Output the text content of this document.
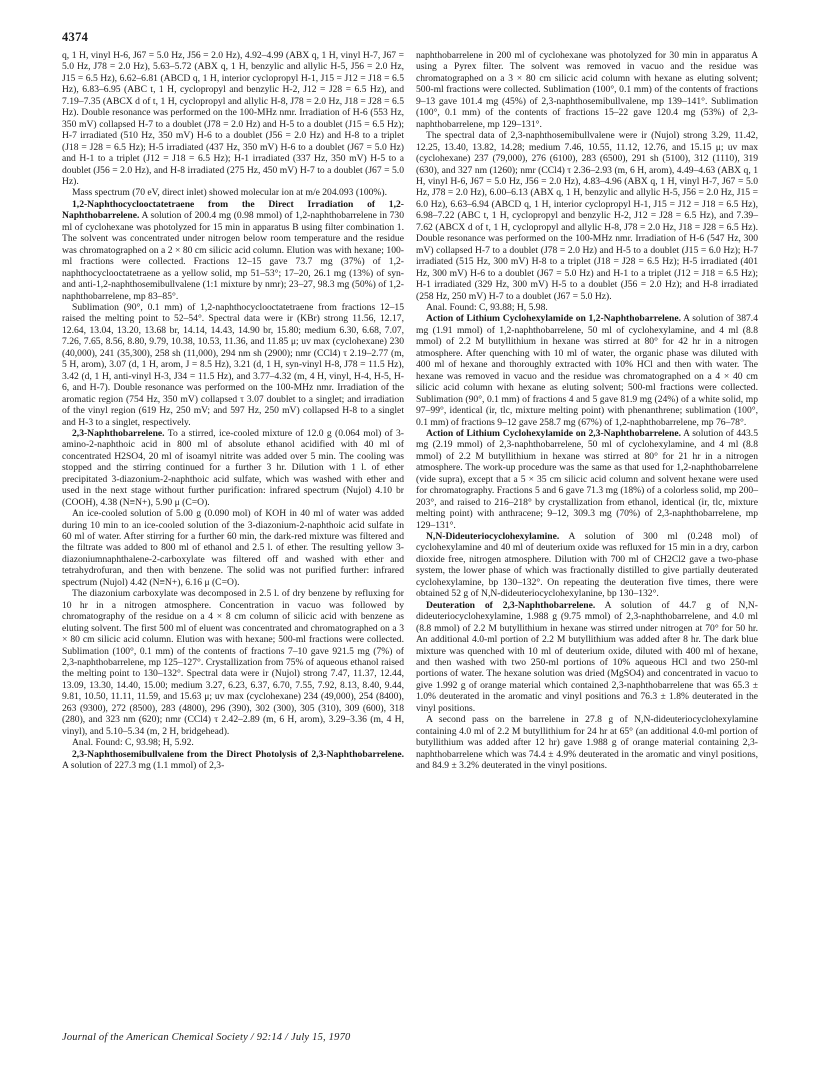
4374

q, 1 H, vinyl H-6, J67 = 5.0 Hz, J56 = 2.0 Hz), 4.92–4.99 (ABX q, 1 H, vinyl H-7, J67 = 5.0 Hz, J78 = 2.0 Hz), 5.63–5.72 (ABX q, 1 H, benzylic and allylic H-5, J56 = 2.0 Hz, J15 = 6.5 Hz), 6.62–6.81 (ABCD q, 1 H, interior cyclopropyl H-1, J15 = J12 = J18 = 6.5 Hz), 6.83–6.95 (ABC t, 1 H, cyclopropyl and benzylic H-2, J12 = J28 = 6.5 Hz), and 7.19–7.35 (ABCX d of t, 1 H, cyclopropyl and allylic H-8, J78 = 2.0 Hz, J18 = J28 = 6.5 Hz). Double resonance was performed on the 100-MHz nmr. Irradiation of H-6 (553 Hz, 350 mV) collapsed H-7 to a doublet (J78 = 2.0 Hz) and H-5 to a doublet (J15 = 6.5 Hz); H-7 irradiated (510 Hz, 350 mV) H-6 to a doublet (J56 = 2.0 Hz) and H-8 to a triplet (J18 = J28 = 6.5 Hz); H-5 irradiated (437 Hz, 350 mV) H-6 to a doublet (J67 = 5.0 Hz) and H-1 to a triplet (J12 = J18 = 6.5 Hz); H-1 irradiated (337 Hz, 350 mV) H-5 to a doublet (J56 = 2.0 Hz), and H-8 irradiated (275 Hz, 450 mV) H-7 to a doublet (J67 = 5.0 Hz).

Mass spectrum (70 eV, direct inlet) showed molecular ion at m/e 204.093 (100%).

1,2-Naphthocyclooctatetraene from the Direct Irradiation of 1,2-Naphthobarrelene. A solution of 200.4 mg (0.98 mmol) of 1,2-naphthobarrelene in 730 ml of cyclohexane was photolyzed for 15 min in apparatus B using filter combination 1. The solvent was concentrated under nitrogen below room temperature and the residue was chromatographed on a 2 × 80 cm silicic acid column. Elution was with hexane; 100-ml fractions were collected. Fractions 12–15 gave 73.7 mg (37%) of 1,2-naphthocyclooctatetraene as a yellow solid, mp 51–53°; 17–20, 26.1 mg (13%) of syn- and anti-1,2-naphthosemibullvalene (1:1 mixture by nmr); 23–27, 98.3 mg (50%) of 1,2-naphthobarrelene, mp 83–85°.

Sublimation (90°, 0.1 mm) of 1,2-naphthocyclooctatetraene from fractions 12–15 raised the melting point to 52–54°. Spectral data were ir (KBr) strong 11.56, 12.17, 12.64, 13.04, 13.20, 13.68 br, 14.14, 14.43, 14.90 br, 15.80; medium 6.30, 6.68, 7.07, 7.26, 7.65, 8.56, 8.80, 9.79, 10.38, 10.53, 11.36, and 11.85 μ; uv max (cyclohexane) 230 (40,000), 241 (35,300), 258 sh (11,000), 294 nm sh (2900); nmr (CCl4) τ 2.19–2.77 (m, 5 H, arom), 3.07 (d, 1 H, arom, J = 8.5 Hz), 3.21 (d, 1 H, syn-vinyl H-8, J78 = 11.5 Hz), 3.42 (d, 1 H, anti-vinyl H-3, J34 = 11.5 Hz), and 3.77–4.32 (m, 4 H, vinyl, H-4, H-5, H-6, and H-7). Double resonance was performed on the 100-MHz nmr. Irradiation of the aromatic region (754 Hz, 350 mV) collapsed τ 3.07 doublet to a singlet; and irradiation of the vinyl region (619 Hz, 250 mV; and 597 Hz, 250 mV) collapsed H-8 to a singlet and H-3 to a singlet, respectively.

2,3-Naphthobarrelene. To a stirred, ice-cooled mixture of 12.0 g (0.064 mol) of 3-amino-2-naphthoic acid in 800 ml of absolute ethanol acidified with 40 ml of concentrated H2SO4, 20 ml of isoamyl nitrite was added over 5 min. The cooling was stopped and the stirring continued for a further 3 hr. Dilution with 1 l. of ether precipitated 3-diazonium-2-naphthoic acid sulfate, which was washed with ether and used in the next stage without further purification: infrared spectrum (Nujol) 4.10 br (COOH), 4.38 (N≡N+), 5.90 μ (C=O).

An ice-cooled solution of 5.00 g (0.090 mol) of KOH in 40 ml of water was added during 10 min to an ice-cooled solution of the 3-diazonium-2-naphthoic acid sulfate in 60 ml of water. After stirring for a further 60 min, the dark-red mixture was filtered and the filtrate was added to 800 ml of ethanol and 2.5 l. of ether. The resulting yellow 3-diazoniumnaphthalene-2-carboxylate was filtered off and washed with ether and tetrahydrofuran, and then with benzene. The solid was not purified further: infrared spectrum (Nujol) 4.42 (N≡N+), 6.16 μ (C=O).

The diazonium carboxylate was decomposed in 2.5 l. of dry benzene by refluxing for 10 hr in a nitrogen atmosphere. Concentration in vacuo was followed by chromatography of the residue on a 4 × 8 cm column of silicic acid with benzene as eluting solvent. The first 500 ml of eluent was concentrated and chromatographed on a 3 × 80 cm silicic acid column. Elution was with hexane; 500-ml fractions were collected. Sublimation (100°, 0.1 mm) of the contents of fractions 7–10 gave 921.5 mg (7%) of 2,3-naphthobarrelene, mp 125–127°. Crystallization from 75% of aqueous ethanol raised the melting point to 130–132°. Spectral data were ir (Nujol) strong 7.47, 11.37, 12.44, 13.09, 13.30, 14.40, 15.00; medium 3.27, 6.23, 6.37, 6.70, 7.55, 7.92, 8.13, 8.40, 9.44, 9.81, 10.50, 11.11, 11.59, and 15.63 μ; uv max (cyclohexane) 234 (49,000), 254 (8400), 263 (9300), 272 (8500), 283 (4800), 296 (390), 302 (300), 305 (310), 309 (600), 318 (280), and 323 nm (620); nmr (CCl4) τ 2.42–2.89 (m, 6 H, arom), 3.29–3.36 (m, 4 H, vinyl), and 5.10–5.34 (m, 2 H, bridgehead).

Anal. Found: C, 93.98; H, 5.92.

2,3-Naphthosemibullvalene from the Direct Photolysis of 2,3-Naphthobarrelene. A solution of 227.3 mg (1.1 mmol) of 2,3-

naphthobarrelene in 200 ml of cyclohexane was photolyzed for 30 min in apparatus A using a Pyrex filter. The solvent was removed in vacuo and the residue was chromatographed on a 3 × 80 cm silicic acid column with hexane as eluting solvent; 500-ml fractions were collected. Sublimation (100°, 0.1 mm) of the contents of fractions 9–13 gave 101.4 mg (45%) of 2,3-naphthosemibullvalene, mp 139–141°. Sublimation (100°, 0.1 mm) of the contents of fractions 15–22 gave 120.4 mg (53%) of 2,3-naphthobarrelene, mp 129–131°.

The spectral data of 2,3-naphthosemibullvalene were ir (Nujol) strong 3.29, 11.42, 12.25, 13.40, 13.82, 14.28; medium 7.46, 10.55, 11.12, 12.76, and 15.15 μ; uv max (cyclohexane) 237 (79,000), 276 (6100), 283 (6500), 291 sh (5100), 312 (1110), 319 (630), and 327 nm (1260); nmr (CCl4) τ 2.36–2.93 (m, 6 H, arom), 4.49–4.63 (ABX q, 1 H, vinyl H-6, J67 = 5.0 Hz, J56 = 2.0 Hz), 4.83–4.96 (ABX q, 1 H, vinyl H-7, J67 = 5.0 Hz, J78 = 2.0 Hz), 6.00–6.13 (ABX q, 1 H, benzylic and allylic H-5, J56 = 2.0 Hz, J15 = 6.0 Hz), 6.63–6.94 (ABCD q, 1 H, interior cyclopropyl H-1, J15 = J12 = J18 = 6.5 Hz), 6.98–7.22 (ABC t, 1 H, cyclopropyl and benzylic H-2, J12 = J28 = 6.5 Hz), and 7.39–7.62 (ABCX d of t, 1 H, cyclopropyl and allylic H-8, J78 = 2.0 Hz, J18 = J28 = 6.5 Hz). Double resonance was performed on the 100-MHz nmr. Irradiation of H-6 (547 Hz, 300 mV) collapsed H-7 to a doublet (J78 = 2.0 Hz) and H-5 to a doublet (J15 = 6.0 Hz); H-7 irradiated (515 Hz, 300 mV) H-8 to a triplet (J18 = J28 = 6.5 Hz); H-5 irradiated (401 Hz, 300 mV) H-6 to a doublet (J67 = 5.0 Hz) and H-1 to a triplet (J12 = J18 = 6.5 Hz); H-1 irradiated (329 Hz, 300 mV) H-5 to a doublet (J56 = 2.0 Hz); and H-8 irradiated (258 Hz, 250 mV) H-7 to a doublet (J67 = 5.0 Hz).

Anal. Found: C, 93.88; H, 5.98.

Action of Lithium Cyclohexylamide on 1,2-Naphthobarrelene. A solution of 387.4 mg (1.91 mmol) of 1,2-naphthobarrelene, 50 ml of cyclohexylamine, and 4 ml (8.8 mmol) of 2.2 M butyllithium in hexane was stirred at 80° for 42 hr in a nitrogen atmosphere. After quenching with 10 ml of water, the organic phase was diluted with 400 ml of hexane and thoroughly extracted with 10% HCl and then with water. The hexane was removed in vacuo and the residue was chromatographed on a 4 × 40 cm silicic acid column with hexane as eluting solvent; 500-ml fractions were collected. Sublimation (90°, 0.1 mm) of fractions 4 and 5 gave 81.9 mg (24%) of a white solid, mp 97–99°, identical (ir, tlc, mixture melting point) with phenanthrene; sublimation (100°, 0.1 mm) of fractions 9–12 gave 258.7 mg (67%) of 1,2-naphthobarrelene, mp 76–78°.

Action of Lithium Cyclohexylamide on 2,3-Naphthobarrelene. A solution of 443.5 mg (2.19 mmol) of 2,3-naphthobarrelene, 50 ml of cyclohexylamine, and 4 ml (8.8 mmol) of 2.2 M butyllithium in hexane was stirred at 80° for 21 hr in a nitrogen atmosphere. The work-up procedure was the same as that used for 1,2-naphthobarrelene (vide supra), except that a 5 × 35 cm silicic acid column and solvent hexane were used for chromatography. Fractions 5 and 6 gave 71.3 mg (18%) of a colorless solid, mp 200–203°, and raised to 216–218° by crystallization from ethanol, identical (ir, tlc, mixture melting point) with anthracene; 9–12, 309.3 mg (70%) of 2,3-naphthobarrelene, mp 129–131°.

N,N-Dideuteriocyclohexylamine. A solution of 300 ml (0.248 mol) of cyclohexylamine and 40 ml of deuterium oxide was refluxed for 15 min in a dry, carbon dioxide free, nitrogen atmosphere. Dilution with 700 ml of CH2Cl2 gave a two-phase system, the lower phase of which was fractionally distilled to give partially deuterated cyclohexylamine, bp 130–132°. On repeating the deuteration five times, there were obtained 52 g of N,N-dideuteriocyclohexylanine, bp 130–132°.

Deuteration of 2,3-Naphthobarrelene. A solution of 44.7 g of N,N-dideuteriocyclohexylamine, 1.988 g (9.75 mmol) of 2,3-naphthobarrelene, and 4.0 ml (8.8 mmol) of 2.2 M butyllithium in hexane was stirred under nitrogen at 70° for 50 hr. An additional 4.0-ml portion of 2.2 M butyllithium was added after 8 hr. The dark blue mixture was quenched with 10 ml of deuterium oxide, diluted with 400 ml of hexane, and then washed with two 250-ml portions of 10% aqueous HCl and two 250-ml portions of water. The hexane solution was dried (MgSO4) and concentrated in vacuo to give 1.992 g of orange material which contained 2,3-naphthobarrelene that was 65.3 ± 1.0% deuterated in the aromatic and vinyl positions and 76.3 ± 1.8% deuterated in the vinyl positions.

A second pass on the barrelene in 27.8 g of N,N-dideuteriocyclohexylamine containing 4.0 ml of 2.2 M butyllithium for 24 hr at 65° (an additional 4.0-ml portion of butyllithium was added after 12 hr) gave 1.988 g of orange material containing 2,3-naphthobarrelene which was 74.4 ± 4.9% deuterated in the aromatic and vinyl positions, and 84.9 ± 3.2% deuterated in the vinyl positions.

Journal of the American Chemical Society / 92:14 / July 15, 1970
